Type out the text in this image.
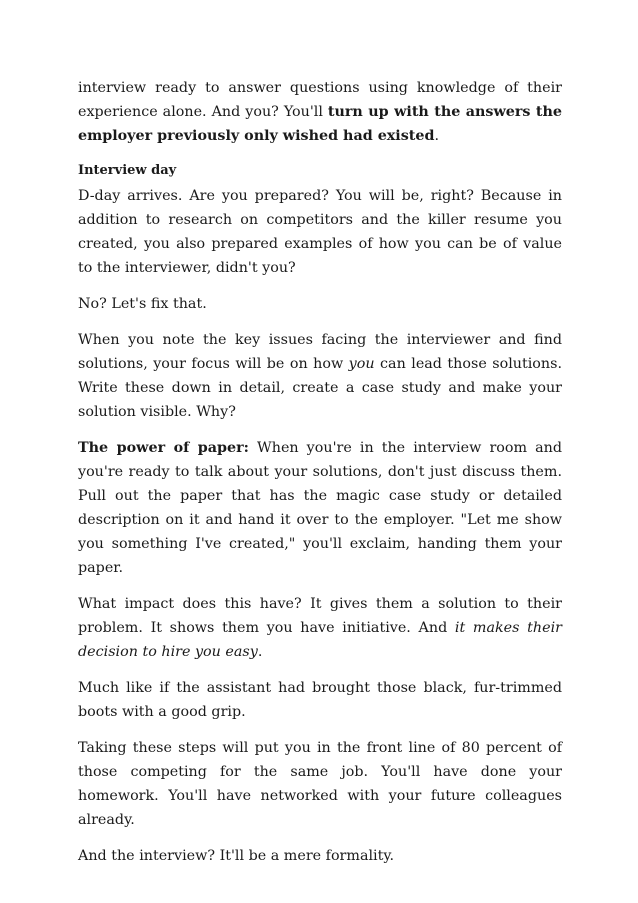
interview ready to answer questions using knowledge of their experience alone. And you? You'll turn up with the answers the employer previously only wished had existed.

Interview day

D-day arrives. Are you prepared? You will be, right? Because in addition to research on competitors and the killer resume you created, you also prepared examples of how you can be of value to the interviewer, didn't you?

No? Let's fix that.

When you note the key issues facing the interviewer and find solutions, your focus will be on how you can lead those solutions. Write these down in detail, create a case study and make your solution visible. Why?

The power of paper: When you're in the interview room and you're ready to talk about your solutions, don't just discuss them. Pull out the paper that has the magic case study or detailed description on it and hand it over to the employer. "Let me show you something I've created," you'll exclaim, handing them your paper.

What impact does this have? It gives them a solution to their problem. It shows them you have initiative. And it makes their decision to hire you easy.

Much like if the assistant had brought those black, fur-trimmed boots with a good grip.

Taking these steps will put you in the front line of 80 percent of those competing for the same job. You'll have done your homework. You'll have networked with your future colleagues already.

And the interview? It'll be a mere formality.
